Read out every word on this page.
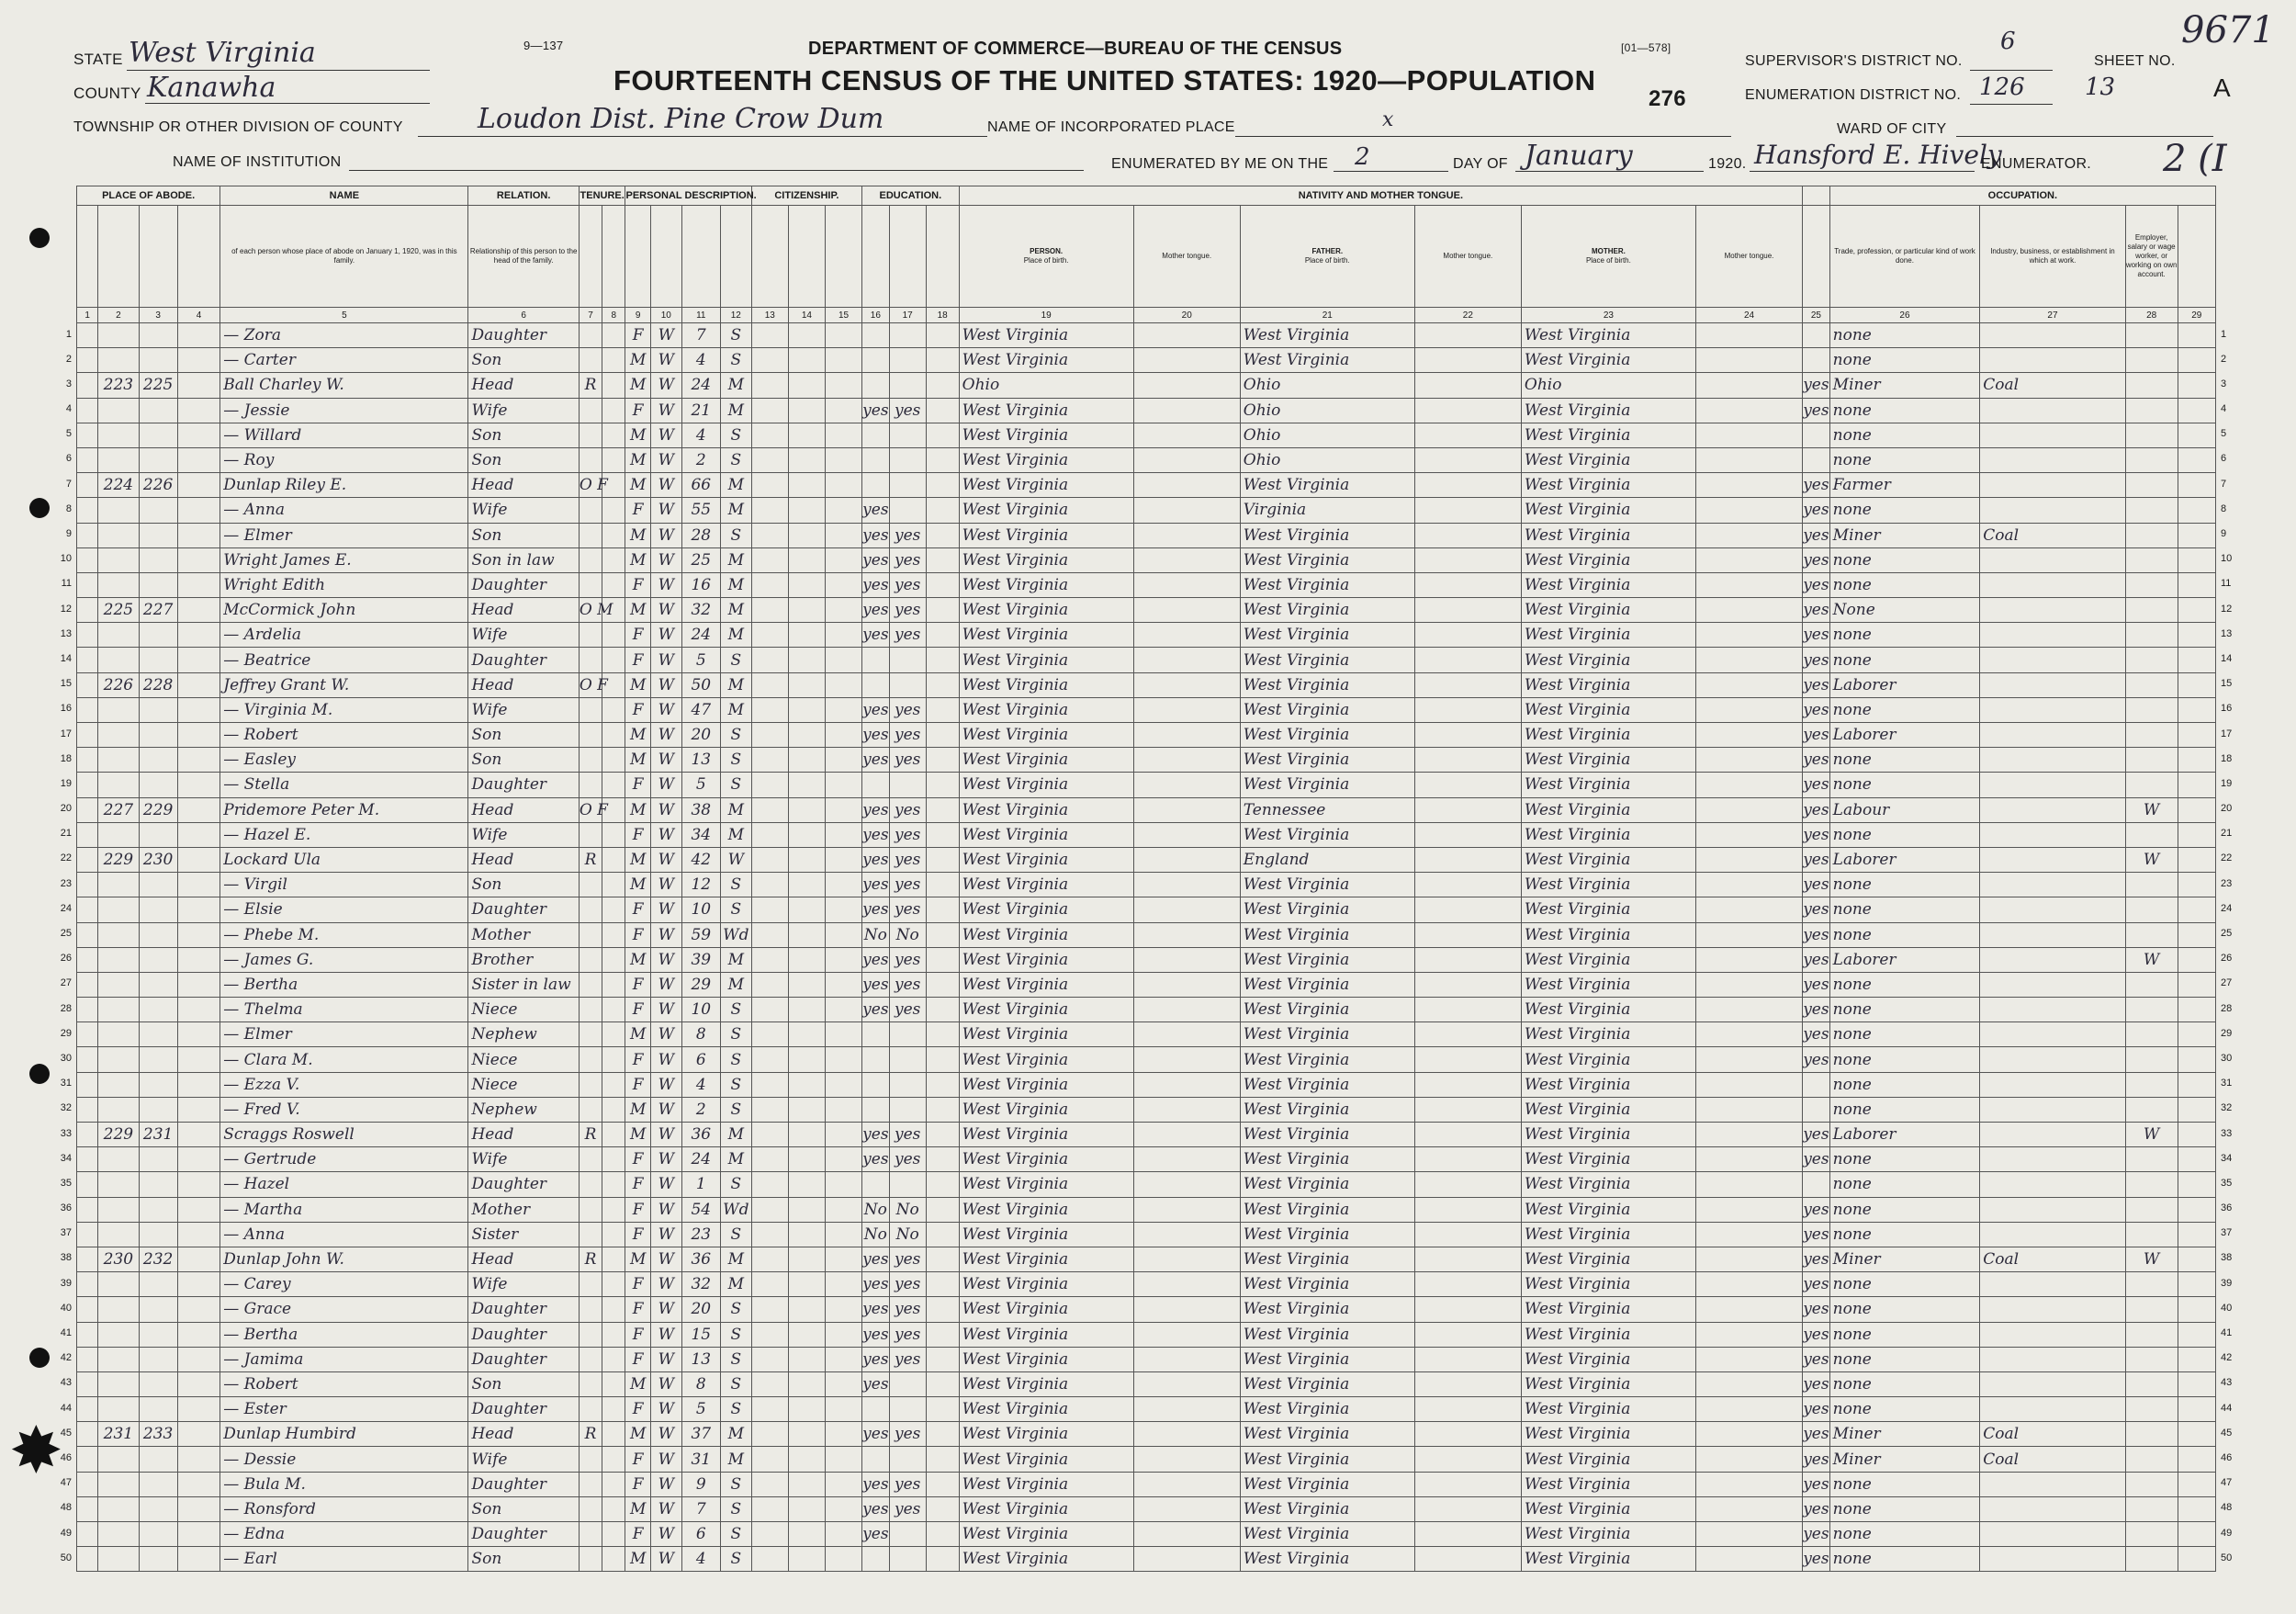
STATE West Virginia
COUNTY Kanawha
TOWNSHIP OR OTHER DIVISION OF COUNTY	Loudon Dist. Pine Crow Dum
NAME OF INSTITUTION
9—137	DEPARTMENT OF COMMERCE—BUREAU OF THE CENSUS
FOURTEENTH CENSUS OF THE UNITED STATES: 1920—POPULATION
[01—578]
276
NAME OF INCORPORATED PLACE	x
ENUMERATED BY ME ON THE 2	DAY OF January	1920. Hansford E. Hively
ENUMERATOR.
SUPERVISOR'S DISTRICT NO.
6
ENUMERATION DISTRICT NO. 126
WARD OF CITY
SHEET NO.
13	A
9671
2 (I
PLACE OF ABODE.				NAME	RELATION.	TENURE.		PERSONAL DESCRIPTION.				CITIZENSHIP.			EDUCATION.			NATIVITY AND MOTHER TONGUE.							OCCUPATION.			
				of each person whose place of abode on January 1, 1920, was in this family.	Relationship of this person to the head of the family.													PERSON.
Place of birth.	Mother tongue.	FATHER.
Place of birth.	Mother tongue.	MOTHER.
Place of birth.	Mother tongue.		Trade, profession, or particular kind of work done.	Industry, business, or establishment in which at work.	Employer, salary or wage worker, or working on own account.	
1	2	3	4	5	6	7	8	9	10	11	12	13	14	15	16	17	18	19	20	21	22	23	24	25	26	27	28	29
				— Zora	Daughter			F	W	7	S							West Virginia		West Virginia		West Virginia			none			
				— Carter	Son			M	W	4	S							West Virginia		West Virginia		West Virginia			none			
	223	225		Ball Charley W.	Head	R		M	W	24	M							Ohio		Ohio		Ohio		yes	Miner	Coal		
				— Jessie	Wife			F	W	21	M				yes	yes		West Virginia		Ohio		West Virginia		yes	none			
				— Willard	Son			M	W	4	S							West Virginia		Ohio		West Virginia			none			
				— Roy	Son			M	W	2	S							West Virginia		Ohio		West Virginia			none			
	224	226		Dunlap Riley E.	Head	O F		M	W	66	M							West Virginia		West Virginia		West Virginia		yes	Farmer			
				— Anna	Wife			F	W	55	M				yes			West Virginia		Virginia		West Virginia		yes	none			
				— Elmer	Son			M	W	28	S				yes	yes		West Virginia		West Virginia		West Virginia		yes	Miner	Coal		
				Wright James E.	Son in law			M	W	25	M				yes	yes		West Virginia		West Virginia		West Virginia		yes	none			
				Wright Edith	Daughter			F	W	16	M				yes	yes		West Virginia		West Virginia		West Virginia		yes	none			
	225	227		McCormick John	Head	O M		M	W	32	M				yes	yes		West Virginia		West Virginia		West Virginia		yes	None			
				— Ardelia	Wife			F	W	24	M				yes	yes		West Virginia		West Virginia		West Virginia		yes	none			
				— Beatrice	Daughter			F	W	5	S							West Virginia		West Virginia		West Virginia		yes	none			
	226	228		Jeffrey Grant W.	Head	O F		M	W	50	M							West Virginia		West Virginia		West Virginia		yes	Laborer			
				— Virginia M.	Wife			F	W	47	M				yes	yes		West Virginia		West Virginia		West Virginia		yes	none			
				— Robert	Son			M	W	20	S				yes	yes		West Virginia		West Virginia		West Virginia		yes	Laborer			
				— Easley	Son			M	W	13	S				yes	yes		West Virginia		West Virginia		West Virginia		yes	none			
				— Stella	Daughter			F	W	5	S							West Virginia		West Virginia		West Virginia		yes	none			
	227	229		Pridemore Peter M.	Head	O F		M	W	38	M				yes	yes		West Virginia		Tennessee		West Virginia		yes	Labour		W	
				— Hazel E.	Wife			F	W	34	M				yes	yes		West Virginia		West Virginia		West Virginia		yes	none			
	229	230		Lockard Ula	Head	R		M	W	42	W				yes	yes		West Virginia		England		West Virginia		yes	Laborer		W	
				— Virgil	Son			M	W	12	S				yes	yes		West Virginia		West Virginia		West Virginia		yes	none			
				— Elsie	Daughter			F	W	10	S				yes	yes		West Virginia		West Virginia		West Virginia		yes	none			
				— Phebe M.	Mother			F	W	59	Wd				No	No		West Virginia		West Virginia		West Virginia		yes	none			
				— James G.	Brother			M	W	39	M				yes	yes		West Virginia		West Virginia		West Virginia		yes	Laborer		W	
				— Bertha	Sister in law			F	W	29	M				yes	yes		West Virginia		West Virginia		West Virginia		yes	none			
				— Thelma	Niece			F	W	10	S				yes	yes		West Virginia		West Virginia		West Virginia		yes	none			
				— Elmer	Nephew			M	W	8	S							West Virginia		West Virginia		West Virginia		yes	none			
				— Clara M.	Niece			F	W	6	S							West Virginia		West Virginia		West Virginia		yes	none			
				— Ezza V.	Niece			F	W	4	S							West Virginia		West Virginia		West Virginia			none			
				— Fred V.	Nephew			M	W	2	S							West Virginia		West Virginia		West Virginia			none			
	229	231		Scraggs Roswell	Head	R		M	W	36	M				yes	yes		West Virginia		West Virginia		West Virginia		yes	Laborer		W	
				— Gertrude	Wife			F	W	24	M				yes	yes		West Virginia		West Virginia		West Virginia		yes	none			
				— Hazel	Daughter			F	W	1	S							West Virginia		West Virginia		West Virginia			none			
				— Martha	Mother			F	W	54	Wd				No	No		West Virginia		West Virginia		West Virginia		yes	none			
				— Anna	Sister			F	W	23	S				No	No		West Virginia		West Virginia		West Virginia		yes	none			
	230	232		Dunlap John W.	Head	R		M	W	36	M				yes	yes		West Virginia		West Virginia		West Virginia		yes	Miner	Coal	W	
				— Carey	Wife			F	W	32	M				yes	yes		West Virginia		West Virginia		West Virginia		yes	none			
				— Grace	Daughter			F	W	20	S				yes	yes		West Virginia		West Virginia		West Virginia		yes	none			
				— Bertha	Daughter			F	W	15	S				yes	yes		West Virginia		West Virginia		West Virginia		yes	none			
				— Jamima	Daughter			F	W	13	S				yes	yes		West Virginia		West Virginia		West Virginia		yes	none			
				— Robert	Son			M	W	8	S				yes			West Virginia		West Virginia		West Virginia		yes	none			
				— Ester	Daughter			F	W	5	S							West Virginia		West Virginia		West Virginia		yes	none			
	231	233		Dunlap Humbird	Head	R		M	W	37	M				yes	yes		West Virginia		West Virginia		West Virginia		yes	Miner	Coal		
				— Dessie	Wife			F	W	31	M							West Virginia		West Virginia		West Virginia		yes	Miner	Coal		
				— Bula M.	Daughter			F	W	9	S				yes	yes		West Virginia		West Virginia		West Virginia		yes	none			
				— Ronsford	Son			M	W	7	S				yes	yes		West Virginia		West Virginia		West Virginia		yes	none			
				— Edna	Daughter			F	W	6	S				yes			West Virginia		West Virginia		West Virginia		yes	none			
				— Earl	Son			M	W	4	S							West Virginia		West Virginia		West Virginia		yes	none			
1	1
2	2
3	3
4	4
5	5
6	6
7	7
8	8
9	9
10	10
11	11
12	12
13	13
14	14
15	15
16	16
17	17
18	18
19	19
20	20
21	21
22	22
23	23
24	24
25	25
26	26
27	27
28	28
29	29
30	30
31	31
32	32
33	33
34	34
35	35
36	36
37	37
38	38
39	39
40	40
41	41
42	42
43	43
44	44
45	45
46	46
47	47
48	48
49	49
50	50
✸
